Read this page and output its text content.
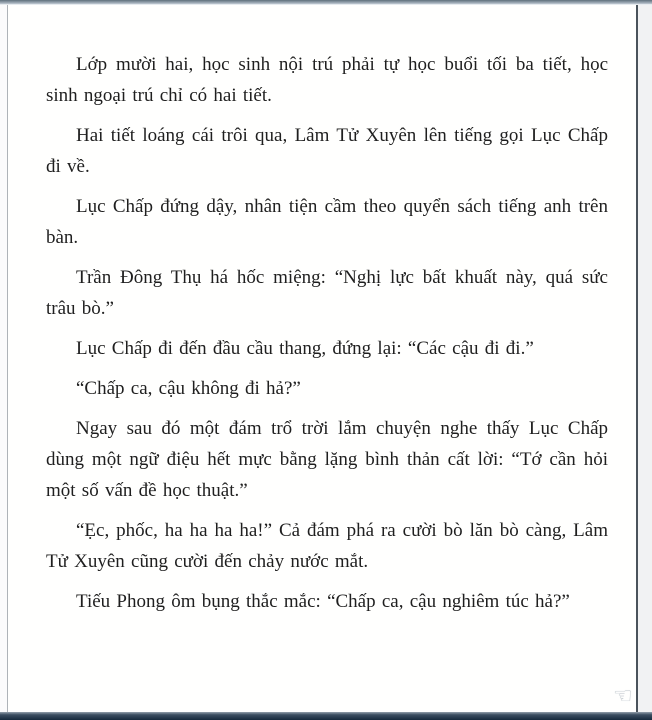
Lớp mười hai, học sinh nội trú phải tự học buổi tối ba tiết, học sinh ngoại trú chỉ có hai tiết.

Hai tiết loáng cái trôi qua, Lâm Tử Xuyên lên tiếng gọi Lục Chấp đi về.

Lục Chấp đứng dậy, nhân tiện cầm theo quyển sách tiếng anh trên bàn.

Trần Đông Thụ há hốc miệng: “Nghị lực bất khuất này, quá sức trâu bò.”

Lục Chấp đi đến đầu cầu thang, đứng lại: “Các cậu đi đi.”

“Chấp ca, cậu không đi hả?”

Ngay sau đó một đám trổ trời lắm chuyện nghe thấy Lục Chấp dùng một ngữ điệu hết mực bằng lặng bình thản cất lời: “Tớ cần hỏi một số vấn đề học thuật.”

“Ẹc, phốc, ha ha ha ha!” Cả đám phá ra cười bò lăn bò càng, Lâm Tử Xuyên cũng cười đến chảy nước mắt.

Tiếu Phong ôm bụng thắc mắc: “Chấp ca, cậu nghiêm túc hả?”

☜
